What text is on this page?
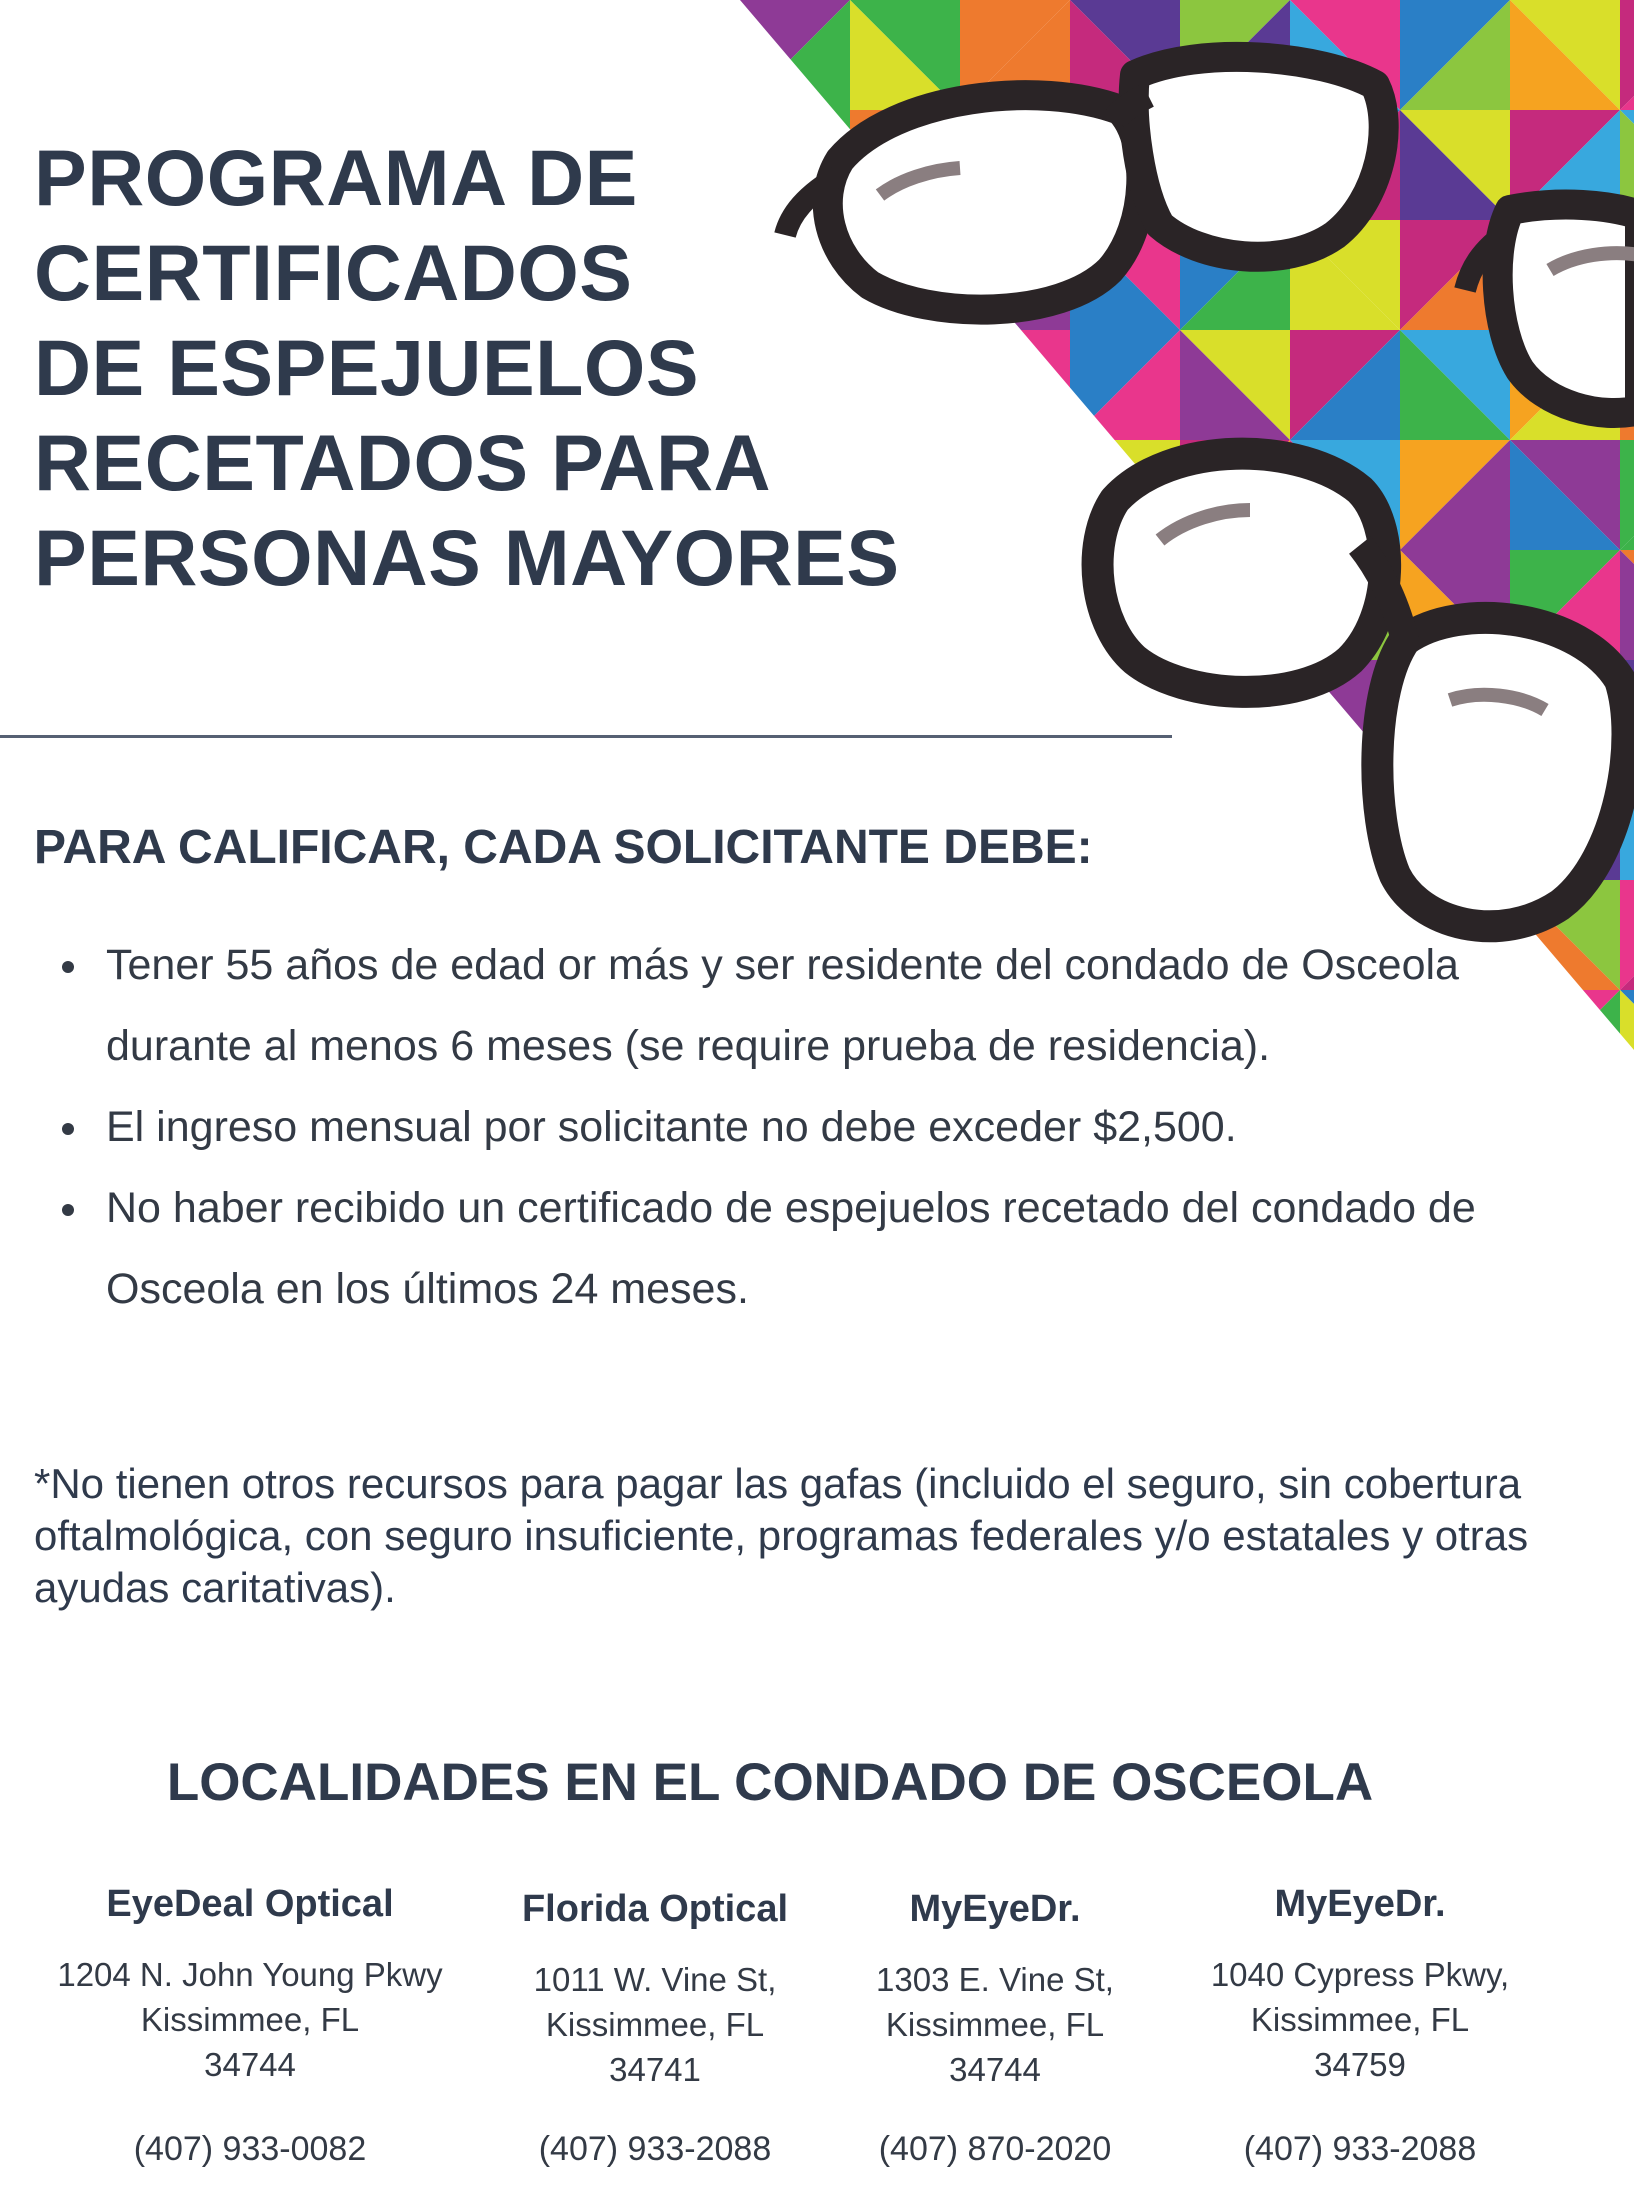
PROGRAMA DE
CERTIFICADOS
DE ESPEJUELOS
RECETADOS PARA
PERSONAS MAYORES
PARA CALIFICAR, CADA SOLICITANTE DEBE:
Tener 55 años de edad or más y ser residente del condado de Osceola durante al menos 6 meses (se require prueba de residencia).
El ingreso mensual por solicitante no debe exceder $2,500.
No haber recibido un certificado de espejuelos recetado del condado de Osceola en los últimos 24 meses.

*No tienen otros recursos para pagar las gafas (incluido el seguro, sin cobertura oftalmológica, con seguro insuficiente, programas federales y/o estatales y otras ayudas caritativas).

LOCALIDADES EN EL CONDADO DE OSCEOLA
EyeDeal Optical
1204 N. John Young Pkwy
Kissimmee, FL
34744
(407) 933-0082
Florida Optical
1011 W. Vine St,
Kissimmee, FL
34741
(407) 933-2088
MyEyeDr.
1303 E. Vine St,
Kissimmee, FL
34744
(407) 870-2020
MyEyeDr.
1040 Cypress Pkwy,
Kissimmee, FL
34759
(407) 933-2088
